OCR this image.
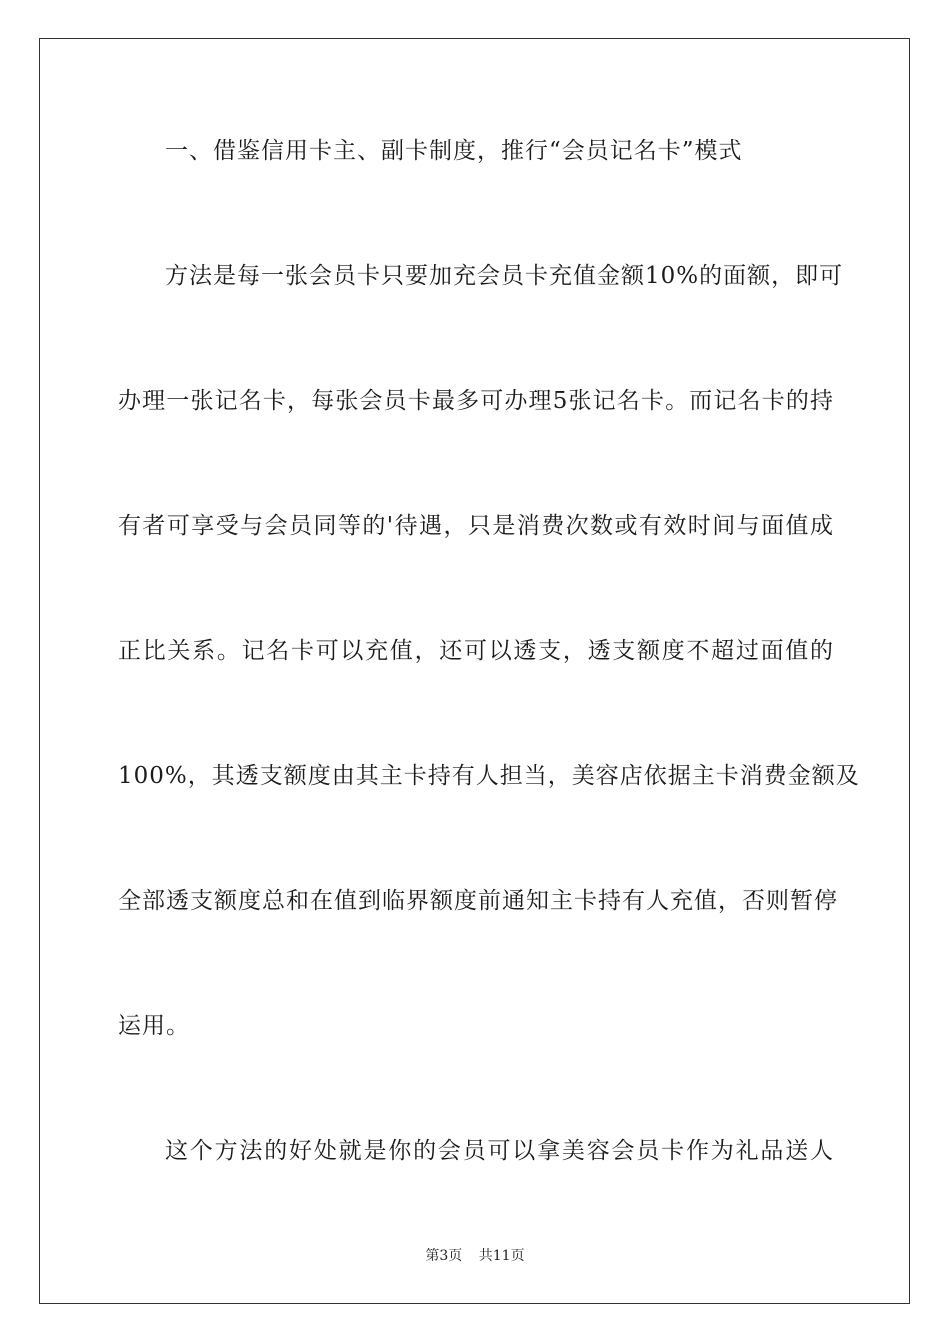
一、借鉴信用卡主、副卡制度，推行“会员记名卡”模式
方法是每一张会员卡只要加充会员卡充值金额10%的面额，即可
办理一张记名卡，每张会员卡最多可办理5张记名卡。而记名卡的持
有者可享受与会员同等的'待遇，只是消费次数或有效时间与面值成
正比关系。记名卡可以充值，还可以透支，透支额度不超过面值的
100%，其透支额度由其主卡持有人担当，美容店依据主卡消费金额及
全部透支额度总和在值到临界额度前通知主卡持有人充值，否则暂停
运用。
这个方法的好处就是你的会员可以拿美容会员卡作为礼品送人
第3页 共11页
